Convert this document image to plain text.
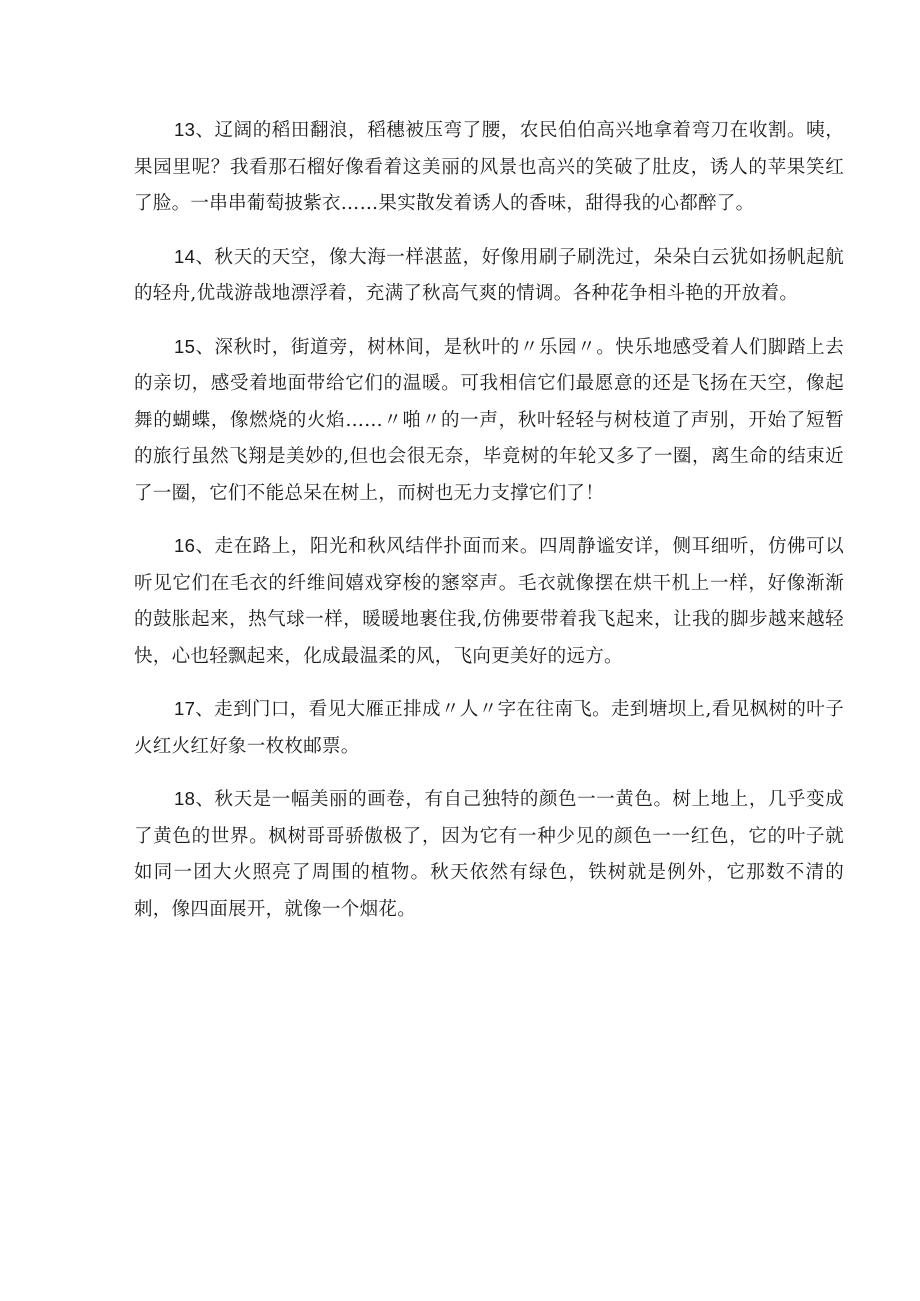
13、辽阔的稻田翻浪，稻穗被压弯了腰，农民伯伯高兴地拿着弯刀在收割。咦，果园里呢？我看那石榴好像看着这美丽的风景也高兴的笑破了肚皮，诱人的苹果笑红了脸。一串串葡萄披紫衣……果实散发着诱人的香味，甜得我的心都醉了。

14、秋天的天空，像大海一样湛蓝，好像用刷子刷洗过，朵朵白云犹如扬帆起航的轻舟,优哉游哉地漂浮着，充满了秋高气爽的情调。各种花争相斗艳的开放着。

15、深秋时，街道旁，树林间，是秋叶的〃乐园〃。快乐地感受着人们脚踏上去的亲切，感受着地面带给它们的温暖。可我相信它们最愿意的还是飞扬在天空，像起舞的蝴蝶，像燃烧的火焰……〃啪〃的一声，秋叶轻轻与树枝道了声别，开始了短暂的旅行虽然飞翔是美妙的,但也会很无奈，毕竟树的年轮又多了一圈，离生命的结束近了一圈，它们不能总呆在树上，而树也无力支撑它们了！

16、走在路上，阳光和秋风结伴扑面而来。四周静谧安详，侧耳细听，仿佛可以听见它们在毛衣的纤维间嬉戏穿梭的窸窣声。毛衣就像摆在烘干机上一样，好像渐渐的鼓胀起来，热气球一样，暖暖地裹住我,仿佛要带着我飞起来，让我的脚步越来越轻快，心也轻飘起来，化成最温柔的风，飞向更美好的远方。

17、走到门口，看见大雁正排成〃人〃字在往南飞。走到塘坝上,看见枫树的叶子火红火红好象一枚枚邮票。

18、秋天是一幅美丽的画卷，有自己独特的颜色一一黄色。树上地上，几乎变成了黄色的世界。枫树哥哥骄傲极了，因为它有一种少见的颜色一一红色，它的叶子就如同一团大火照亮了周围的植物。秋天依然有绿色，铁树就是例外，它那数不清的刺，像四面展开，就像一个烟花。
